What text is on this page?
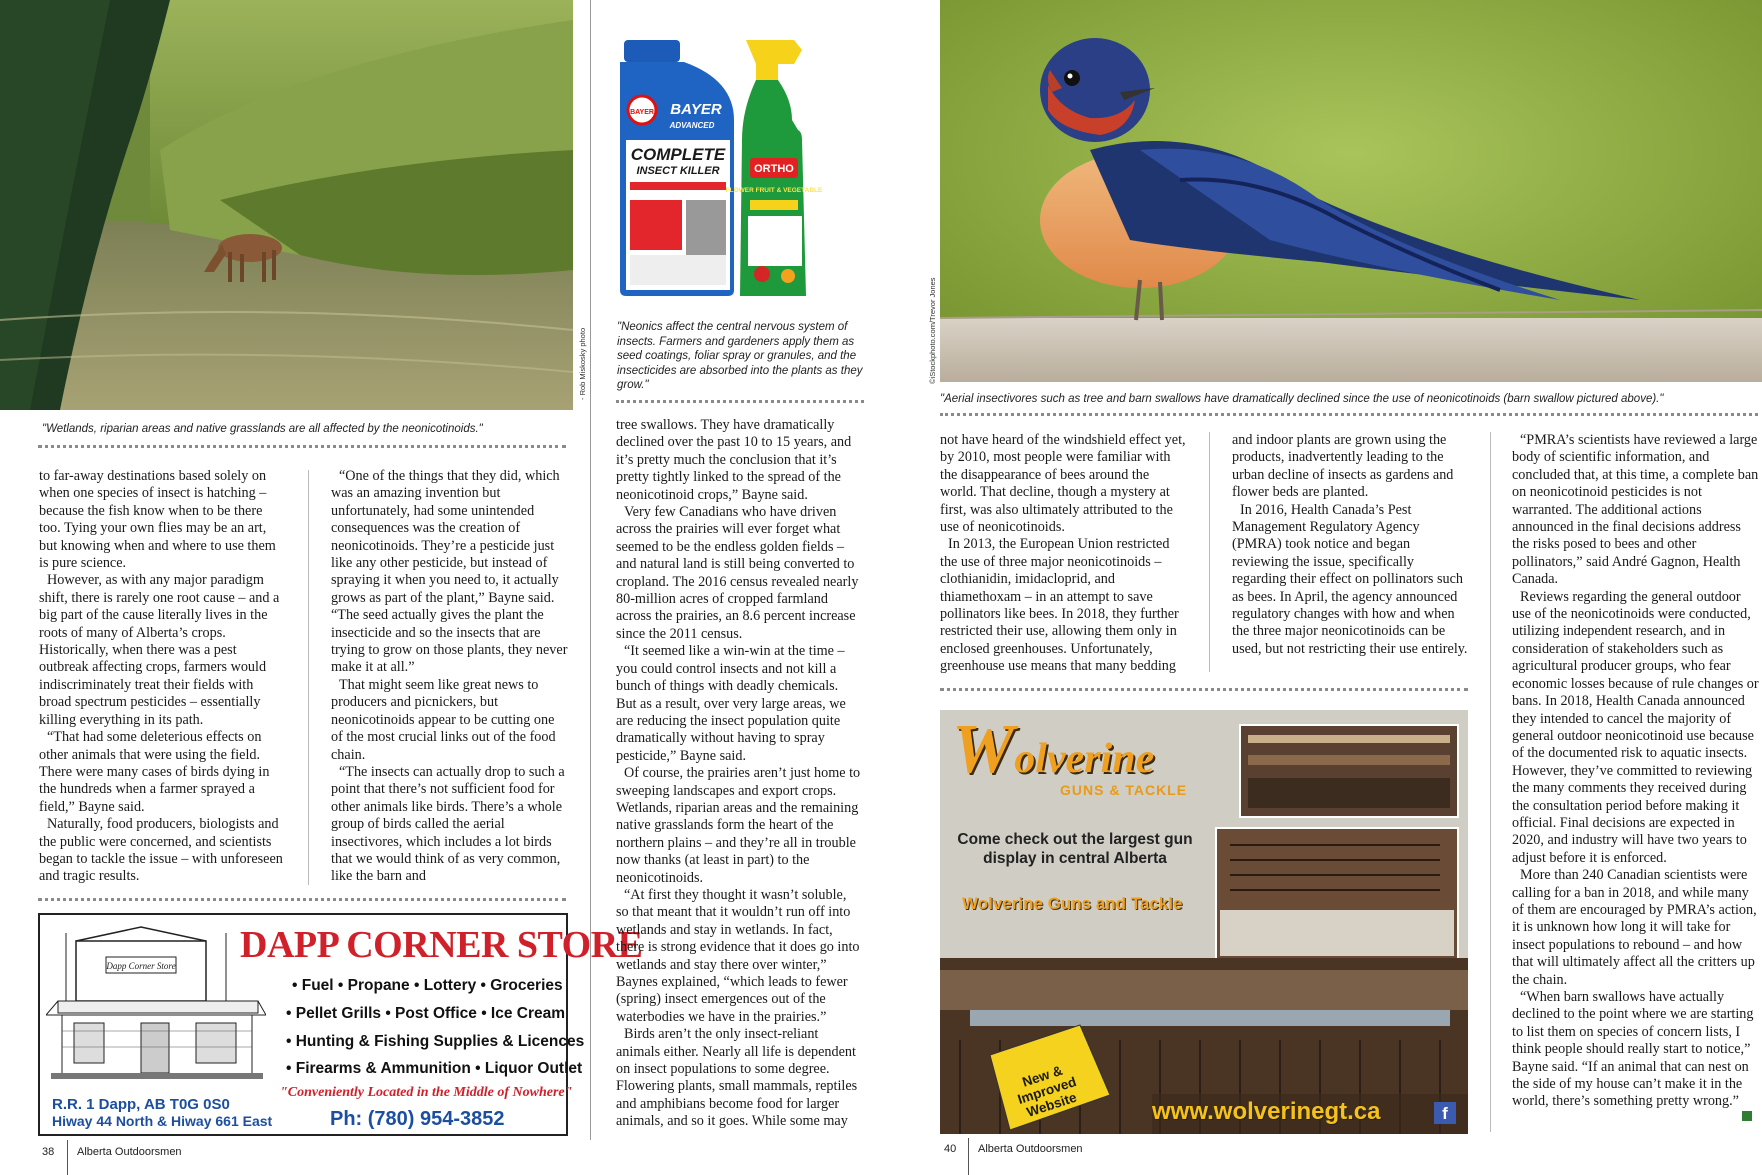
- Rob Miskosky photo
"Wetlands, riparian areas and native grasslands are all affected by the neonicotinoids."

to far-away destinations based solely on when one species of insect is hatching – because the fish know when to be there too. Tying your own flies may be an art, but knowing when and where to use them is pure science.

However, as with any major paradigm shift, there is rarely one root cause – and a big part of the cause literally lives in the roots of many of Alberta’s crops. Historically, when there was a pest outbreak affecting crops, farmers would indiscriminately treat their fields with broad spectrum pesticides – essentially killing everything in its path.

“That had some deleterious effects on other animals that were using the field. There were many cases of birds dying in the hundreds when a farmer sprayed a field,” Bayne said.

Naturally, food producers, biologists and the public were concerned, and scientists began to tackle the issue – with unforeseen and tragic results.

“One of the things that they did, which was an amazing invention but unfortunately, had some unintended consequences was the creation of neonicotinoids. They’re a pesticide just like any other pesticide, but instead of spraying it when you need to, it actually grows as part of the plant,” Bayne said. “The seed actually gives the plant the insecticide and so the insects that are trying to grow on those plants, they never make it at all.”

That might seem like great news to producers and picnickers, but neonicotinoids appear to be cutting one of the most crucial links out of the food chain.

“The insects can actually drop to such a point that there’s not sufficient food for other animals like birds. There’s a whole group of birds called the aerial insectivores, which includes a lot birds that we would think of as very common, like the barn and

Dapp Corner Store DAPP CORNER STORE
• Fuel • Propane • Lottery • Groceries
• Pellet Grills • Post Office • Ice Cream
• Hunting & Fishing Supplies & Licences
• Firearms & Ammunition • Liquor Outlet
"Conveniently Located in the Middle of Nowhere"
R.R. 1 Dapp, AB T0G 0S0
Hiway 44 North & Hiway 661 East	Ph: (780) 954-3852
38 Alberta Outdoorsmen
BAYER BAYER
ADVANCED
COMPLETE
INSECT KILLER	ORTHO
FLOWER FRUIT & VEGETABLE
"Neonics affect the central nervous system of insects. Farmers and gardeners apply them as seed coatings, foliar spray or granules, and the insecticides are absorbed into the plants as they grow."

tree swallows. They have dramatically declined over the past 10 to 15 years, and it’s pretty much the conclusion that it’s pretty tightly linked to the spread of the neonicotinoid crops,” Bayne said.

Very few Canadians who have driven across the prairies will ever forget what seemed to be the endless golden fields – and natural land is still being converted to cropland. The 2016 census revealed nearly 80-million acres of cropped farmland across the prairies, an 8.6 percent increase since the 2011 census.

“It seemed like a win-win at the time – you could control insects and not kill a bunch of things with deadly chemicals. But as a result, over very large areas, we are reducing the insect population quite dramatically without having to spray pesticide,” Bayne said.

Of course, the prairies aren’t just home to sweeping landscapes and export crops. Wetlands, riparian areas and the remaining native grasslands form the heart of the northern plains – and they’re all in trouble now thanks (at least in part) to the neonicotinoids.

“At first they thought it wasn’t soluble, so that meant that it wouldn’t run off into wetlands and stay in wetlands. In fact, there is strong evidence that it does go into wetlands and stay there over winter,” Baynes explained, “which leads to fewer (spring) insect emergences out of the waterbodies we have in the prairies.”

Birds aren’t the only insect-reliant animals either. Nearly all life is dependent on insect populations to some degree. Flowering plants, small mammals, reptiles and amphibians become food for larger animals, and so it goes. While some may

©iStockphoto.com/Trevor Jones
"Aerial insectivores such as tree and barn swallows have dramatically declined since the use of neonicotinoids (barn swallow pictured above)."

not have heard of the windshield effect yet, by 2010, most people were familiar with the disappearance of bees around the world. That decline, though a mystery at first, was also ultimately attributed to the use of neonicotinoids.

In 2013, the European Union restricted the use of three major neonicotinoids – clothianidin, imidacloprid, and thiamethoxam – in an attempt to save pollinators like bees. In 2018, they further restricted their use, allowing them only in enclosed greenhouses. Unfortunately, greenhouse use means that many bedding

and indoor plants are grown using the products, inadvertently leading to the urban decline of insects as gardens and flower beds are planted.

In 2016, Health Canada’s Pest Management Regulatory Agency (PMRA) took notice and began reviewing the issue, specifically regarding their effect on pollinators such as bees. In April, the agency announced regulatory changes with how and when the three major neonicotinoids can be used, but not restricting their use entirely.

“PMRA’s scientists have reviewed a large body of scientific information, and concluded that, at this time, a complete ban on neonicotinoid pesticides is not warranted. The additional actions announced in the final decisions address the risks posed to bees and other pollinators,” said André Gagnon, Health Canada.

Reviews regarding the general outdoor use of the neonicotinoids were conducted, utilizing independent research, and in consideration of stakeholders such as agricultural producer groups, who fear economic losses because of rule changes or bans. In 2018, Health Canada announced they intended to cancel the majority of general outdoor neonicotinoid use because of the documented risk to aquatic insects. However, they’ve committed to reviewing the many comments they received during the consultation period before making it official. Final decisions are expected in 2020, and industry will have two years to adjust before it is enforced.

More than 240 Canadian scientists were calling for a ban in 2018, and while many of them are encouraged by PMRA’s action, it is unknown how long it will take for insect populations to rebound – and how that will ultimately affect all the critters up the chain.

“When barn swallows have actually declined to the point where we are starting to list them on species of concern lists, I think people should really start to notice,” Bayne said. “If an animal that can nest on the side of my house can’t make it in the world, there’s something pretty wrong.”

Wolverine
GUNS & TACKLE
Come check out the largest gun display in central Alberta
Wolverine Guns and Tackle
New & Improved Website	www.wolverinegt.ca	f
40 Alberta Outdoorsmen
